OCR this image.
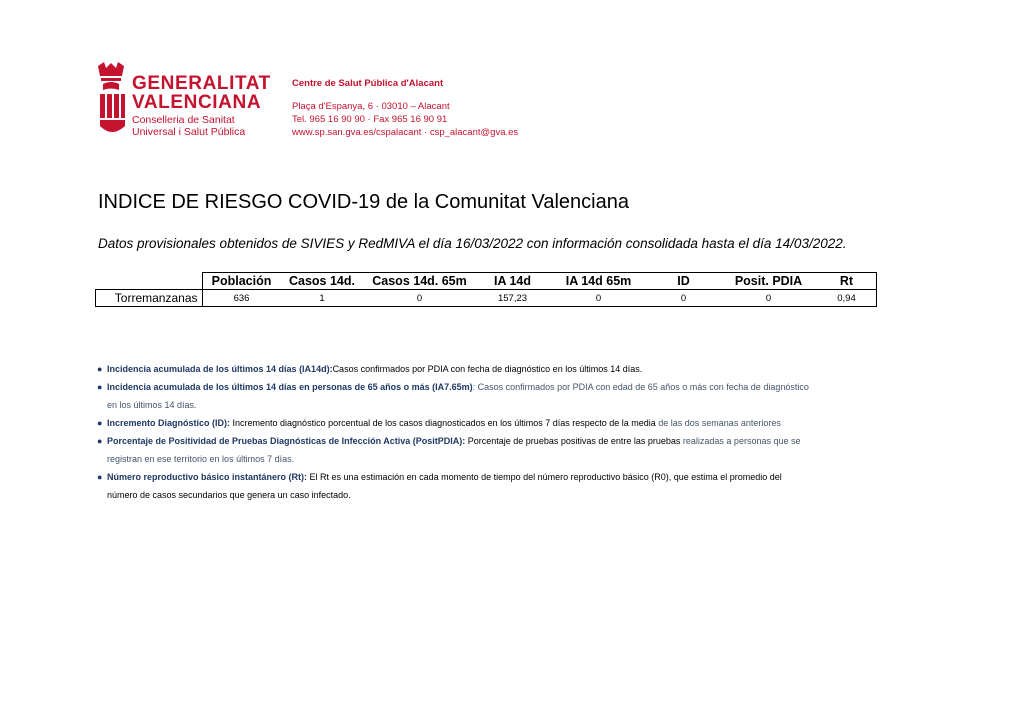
GENERALITAT
VALENCIANA
Conselleria de Sanitat
Universal i Salut Pública
Centre de Salut Pública d'Alacant
Plaça d'Espanya, 6 · 03010 – Alacant
Tel. 965 16 90 90 · Fax 965 16 90 91
www.sp.san.gva.es/cspalacant · csp_alacant@gva.es
INDICE DE RIESGO COVID-19 de la Comunitat Valenciana
Datos provisionales obtenidos de SIVIES y RedMIVA el día 16/03/2022 con información consolidada hasta el día 14/03/2022.
	Población	Casos 14d.	Casos 14d. 65m	IA 14d	IA 14d 65m	ID	Posit. PDIA	Rt
Torremanzanas	636	1	0	157,23	0	0	0	0,94
● Incidencia acumulada de los últimos 14 días (IA14d):Casos confirmados por PDIA con fecha de diagnóstico en los últimos 14 días.
● Incidencia acumulada de los últimos 14 días en personas de 65 años o más (IA7.65m): Casos confirmados por PDIA con edad de 65 años o más con fecha de diagnóstico
en los últimos 14 días.
● Incremento Diagnóstico (ID): Incremento diagnóstico porcentual de los casos diagnosticados en los últimos 7 días respecto de la media de las dos semanas anteriores
● Porcentaje de Positividad de Pruebas Diagnósticas de Infección Activa (PositPDIA): Porcentaje de pruebas positivas de entre las pruebas realizadas a personas que se
registran en ese territorio en los últimos 7 días.
● Número reproductivo básico instantánero (Rt): El Rt es una estimación en cada momento de tiempo del número reproductivo básico (R0), que estima el promedio del
número de casos secundarios que genera un caso infectado.
